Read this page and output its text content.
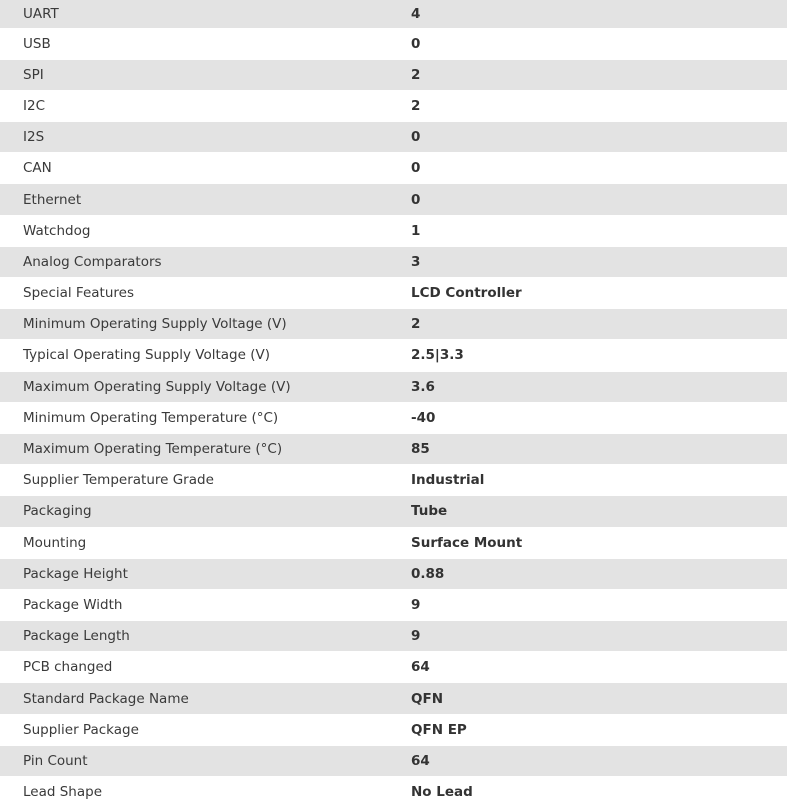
UART	4
USB	0
SPI	2
I2C	2
I2S	0
CAN	0
Ethernet	0
Watchdog	1
Analog Comparators	3
Special Features	LCD Controller
Minimum Operating Supply Voltage (V)	2
Typical Operating Supply Voltage (V)	2.5|3.3
Maximum Operating Supply Voltage (V)	3.6
Minimum Operating Temperature (°C)	-40
Maximum Operating Temperature (°C)	85
Supplier Temperature Grade	Industrial
Packaging	Tube
Mounting	Surface Mount
Package Height	0.88
Package Width	9
Package Length	9
PCB changed	64
Standard Package Name	QFN
Supplier Package	QFN EP
Pin Count	64
Lead Shape	No Lead
